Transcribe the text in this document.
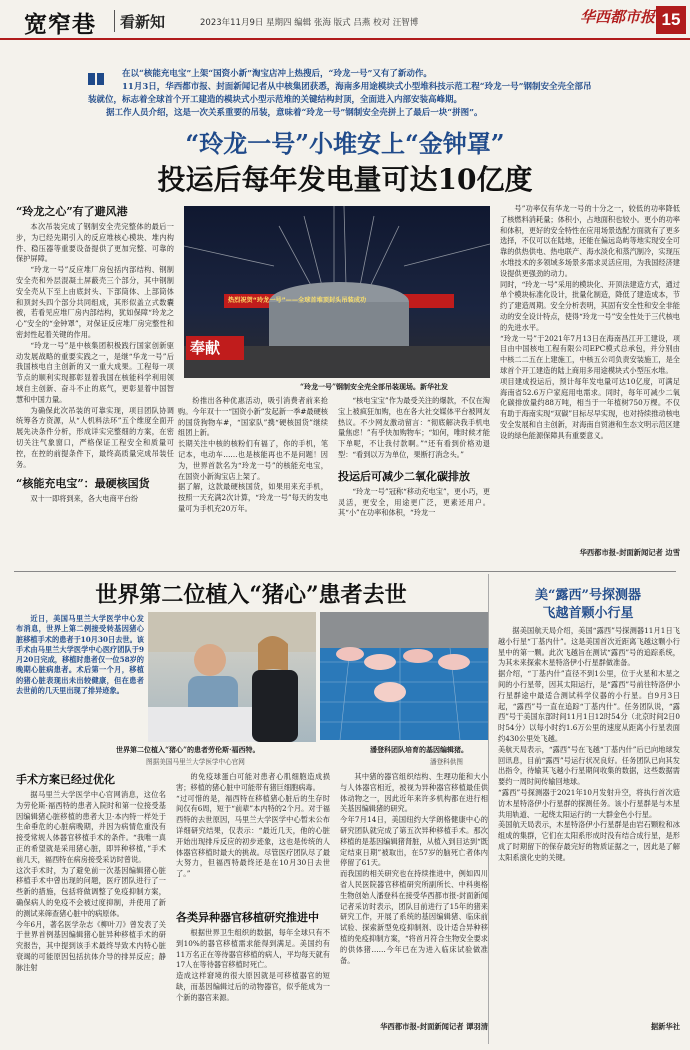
宽窄巷 看新知	2023年11月9日 星期四 编辑 张海 版式 吕燕 校对 汪智博	华西都市报 15
在以“核能充电宝”上架“国资小新”淘宝店冲上热搜后，“玲龙一号”又有了新动作。
11月3日，华西都市报、封面新闻记者从中核集团获悉，海南多用途模块式小型堆科技示范工程“玲龙一号”钢制安全壳全部吊
装就位，标志着全球首个开工建造的模块式小型示范堆的关键结构封顶，全面进入内部安装高峰期。
据工作人员介绍，这是一次关系重要的吊装，意味着“玲龙一号”钢制安全壳拼上了最后一块“拼图”。
“玲龙一号”小堆安上“金钟罩”
投运后每年发电量可达10亿度
“玲龙之心”有了避风港

本次吊装完成了钢制安全壳完整体的最后一步，为已经先期引入的反应堆核心模块、堆内构件、稳压器等重要设备提供了更加完整、可靠的保护屏障。

“玲龙一号”反应堆厂房包括内部结构、钢制安全壳和外层混凝土屏蔽壳三个部分，其中钢制安全壳从下至上由底封头、下部筒体、上部筒体和顶封头四个部分共同组成，其形似盖立式数囊被，若看见应堆厂房内部结构，犹如保障“玲龙之心”安全的“金钟罩”，对保证反应堆厂房完整性和密封性起着关键的作用。

“玲龙一号”是中核集团积极践行国家创新驱动发展战略的重要实践之一，是继“华龙一号”后我国核电自主创新的又一重大成果。工程每一项节点的顺利实现都彰显着我国在核能科学利用领域自主创新、奋斗不止的底气，更彰显着中国智慧和中国力量。

为确保此次吊装的可靠实现，项目团队协调统筹各方资源，从“人机料法环”五个维度全面开展先决条件分析，形成详实完整细的方案，在密切关注气象窗口，严格保证工程安全和质量可控，在控的前提条件下，最终高质量完成吊装任务。

“核能充电宝”：最硬核国货

双十一即将到来，各大电商平台纷

热烈祝贺“玲龙一号”——全球首堆顶封头吊装成功
奉献
“玲龙一号”钢制安全壳全部吊装现场。新华社发
纷推出各种优惠活动，吸引消费者前来抢购。今年双十一“国资小新”发起新一季#最硬核的国货狗物车#，“国家队”携“硬核国货”继续组团上新。
长期关注中核的核粉们有福了，你的手机，笔记本，电动车……也是核能再也不是问题！因为，世界首款名为“玲龙一号”的核能充电宝，在国资小新淘宝店上架了。
据了解，这款最硬核国货，如果用来充手机，按照一天充满2次计算，“玲龙一号”每天的发电量可为手机充20万年。

“核电宝宝”作为最受关注的爆款，不仅在淘宝上被疯狂加购，也在各大社交媒体平台被网友热议。不少网友激动留言：“彻底解决我手机电量焦虑！”有乎快加购物车；“如何，唯时候才能下单呢，不让我付款啊。”“还有看到价格劝退型：“看到以万为单位，果断打消念头。”

投运后可减少二氧化碳排放

“玲龙一号”冠称“移动充电宝”，更小巧，更灵活，更安全，用途更广泛，更素还用户。其“小”在功率和体积，“玲龙一

号”功率仅有华龙一号的十分之一，较低的功率降低了核燃料消耗量；体积小，占地面积也较小。更小的功率和体积，更好的安全特性在应用场景选配方面就有了更多选择，不仅可以在陆地，还能在偏远岛屿等地实现安全可靠的供热供电、热电联产、海水淡化和蒸汽制冷，实现压水堆技术的多领域多场景多需求灵活应用，为我国经济建设提供更强劲的动力。
同时，“玲龙一号”采用的模块化、开顶法建造方式，通过单个模块标准化设计，批量化制造，降低了建造成本，节约了建造周期。安全分析表明，其固有安全性和安全非能动的安全设计特点，使得“玲龙一号”安全性处于三代核电的先进水平。
“玲龙一号”于2021年7月13日在海南昌江开工建设，项目由中国核电工程有限公司EPC模式总承包，并分别由中核二二五在上建施工，中核五公司负责安装施工，是全球首个开工建造的陆上商用多用途模块式小型压水堆。
项目建成投运后，预计每年发电量可达10亿度，可满足海南省52.6万户家庭用电需求。同时，每年可减少二氧化碳排放量约88万吨，相当于一年植树750万棵。不仅有助于海南实现“双碳”目标尽早实现，也对持续推动核电安全发展和自主创新，对海南自贸港和生态文明示范区建设的绿色能源保障具有重要意义。
华西都市报-封面新闻记者 边雪
世界第二位植入“猪心”患者去世
近日，美国马里兰大学医学中心发布消息，世界上第二例接受转基因猪心脏移植手术的患者于10月30日去世。该手术由马里兰大学医学中心医疗团队于9月20日完成，移植时患者仅一位58岁的晚期心脏病患者。术后第一个月，移植的猪心脏表现出未出较健康，但在患者去世前的几天里出现了排异迹象。
世界第二位植入“猪心”的患者劳伦斯·福西特。
图据美国马里兰大学医学中心官网
潘登科团队培育的基因编辑猪。
潘登科供图
手术方案已经过优化

据马里兰大学医学中心官网消息，这位名为劳伦斯·福西特的患者入院时和第一位接受基因编辑猪心脏移植的患者大卫·本内特一样处于生命垂危的心脏病晚期，并因为病情危重没有接受常规人体器官移植手术的条件。“我唯一真正的希望就是采用猪心脏，即异种移植，”手术前几天，福西特在病房接受采访时曾说。
这次手术时，为了避免前一次基因编辑猪心脏移植手术中曾出现的问题，医疗团队进行了一些新的措施，包括将做调整了免疫抑制方案，确保病人的免疫不会被过度抑制，并使用了新的测试来筛查猪心脏中的病原体。
今年6月，著名医学杂志《柳叶刀》曾发表了关于世界首例基因编辑猪心脏异种移植手术的研究报告，其中提到该手术最终导致术内特心脏衰竭的可能原因包括抗体介导的排异反应；静脉注射

的免疫球蛋白可能对患者心肌细胞造成损害；移植的猪心脏中可能带有猪巨细胞病毒。
“过可惜的是，福西特在移植猪心脏后的生存时间仅有6周，短于“前辈”本内特的2个月。对于福西特的去世原因，马里兰大学医学中心暂未公布详细研究结果，仅表示：“最近几天，他的心脏开始出现排斥反应的初步迹象，这也是传统的人体器官移植时最大的挑战。尽管医疗团队尽了最大努力，但福西特最终还是在10月30日去世了。”

各类异种器官移植研究推进中

根据世界卫生组织的数据，每年全球只有不到10%的器官移植需求能得到满足。美国约有11万名正在等待器官移植的病人，平均每天就有17人在等待器官移植时死亡。
造成这样窘境的很大原因就是可移植器官的短缺，而基因编辑过后的动物器官，似乎能成为一个新的器官来源。

其中猪的器官组织结构、生理功能和大小与人体器官相近，被视为异种器官移植最佳供体动物之一，因此近年来许多机构都在进行相关基因编辑猪的研究。
今年7月14日，美国纽约大学朗格健康中心的研究团队就完成了第五次异种移植手术。那次移植的是基因编辑猪肾脏，从植入到目达到“既定结束日期”被取出，在57岁的脑死亡者体内停留了61天。
而我国的相关研究也在持续推进中，例如四川省人民医院器官移植研究所副所长、中科奥格生物创始人潘登科在接受华西都市报-封面新闻记者采访时表示，团队目前进行了15年的猪来研究工作，开展了系统的基因编辑猪、临床前试验、探索新型免疫抑制剂、设计适合异种移植的免疫抑制方案，“将首月符合生物安全要求的供体猪……今年已在为进入临床试验做准备。
华西都市报-封面新闻记者 谭羽清
美“露西”号探测器
飞越首颗小行星
据美国航天局介绍，美国“露西”号探测器11月1日飞越小行星“丁基内什”。这是美国首次近距离飞越这颗小行星中的第一颗。此次飞越旨在测试“露西”号的追踪系统，为其未来探索木星特洛伊小行星群做准备。
据介绍，“丁基内什”直径不到1公里，位于火星和木星之间的小行星带，因其太阳运行，是“露西”号前往特洛伊小行星群途中最适合测试科学仪器的小行星。自9月3日起，“露西”号一直在追踪“丁基内什”。任务团队说，“露西”号于美国东部时间11月1日12时54分（北京时间2日0时54分）以每小时约1.6万公里的速度从距离小行星表面约430公里处飞越。
美航天局表示，“露西”号在飞越“丁基内什”后已向地球发回讯息，目前“露西”号运行状况良好。任务团队已向其发出指令，待输其飞越小行星期间收集的数据，这些数据需要约一周时间传输回地球。
“露西”号探测器于2021年10月发射升空，将执行首次造访木星特洛伊小行星群的探测任务。该小行星群是与木星共用轨道、一起绕太阳运行的一大群金色小行星。
美国航天局表示，木星特洛伊小行星群是由岩石颗粒和冰组成的集群，它们在太阳系形成时没有结合成行星，是形成了时期留下的保存最完好的物质证据之一，因此是了解太阳系演化史的关键。
据新华社
